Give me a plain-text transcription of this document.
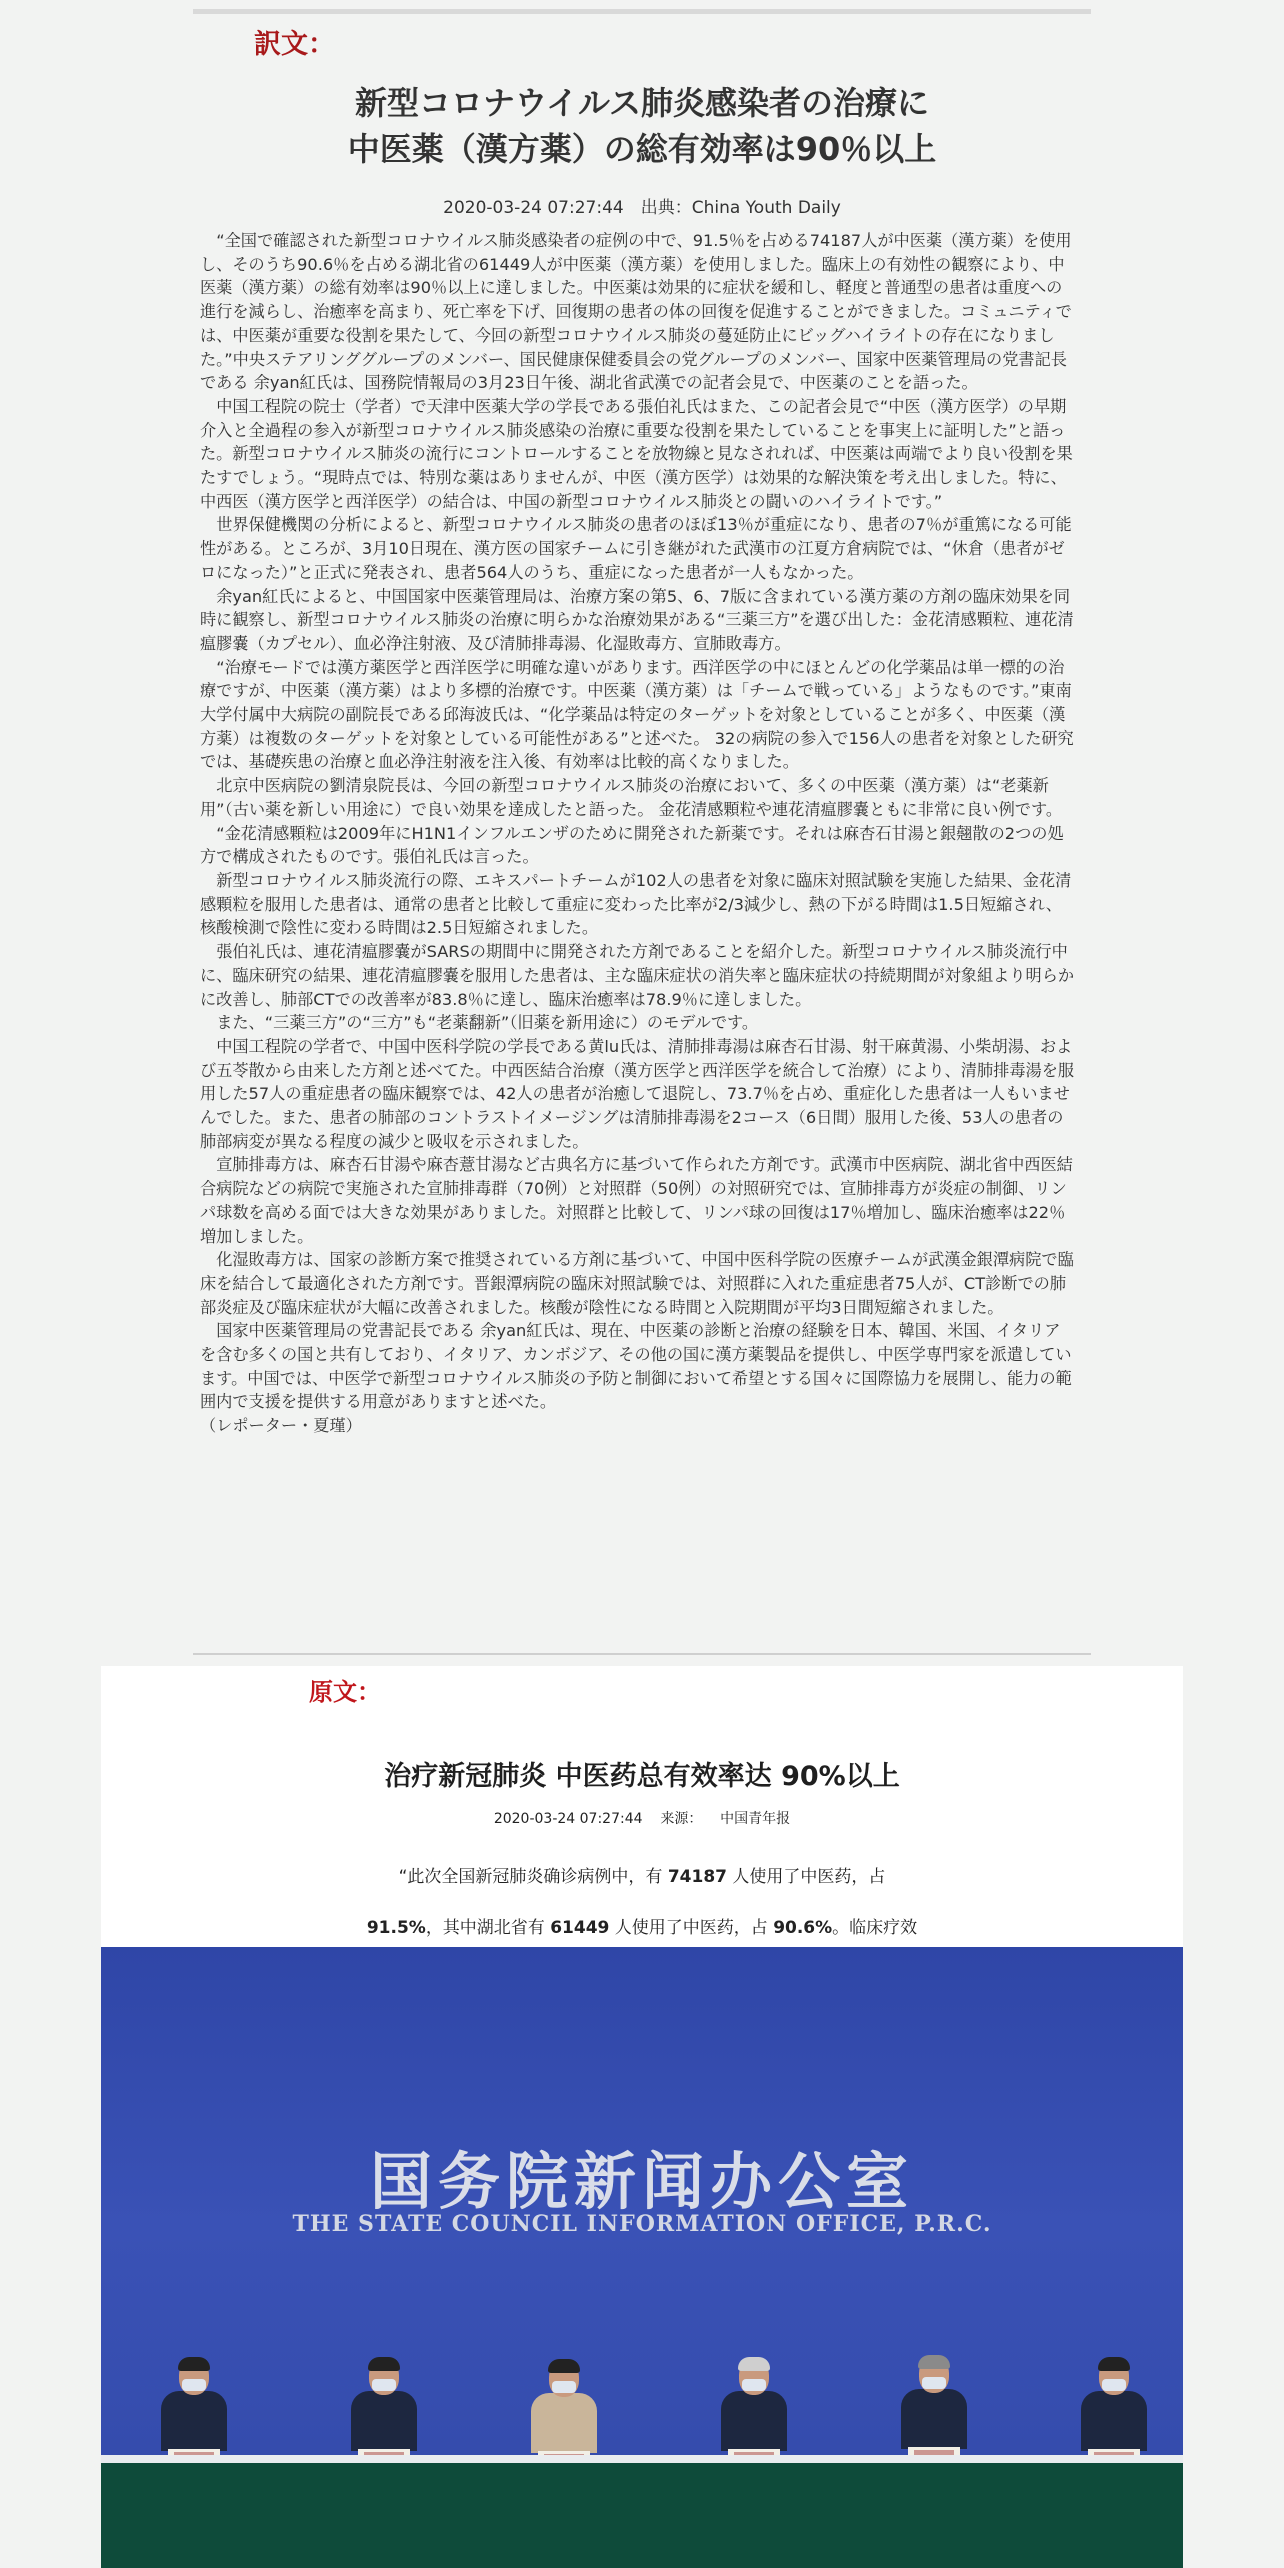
訳文：
新型コロナウイルス肺炎感染者の治療に
中医薬（漢方薬）の総有効率は90％以上
2020-03-24 07:27:44　出典：China Youth Daily

“全国で確認された新型コロナウイルス肺炎感染者の症例の中で、91.5％を占める74187人が中医薬（漢方薬）を使用し、そのうち90.6％を占める湖北省の61449人が中医薬（漢方薬）を使用しました。臨床上の有効性の観察により、中医薬（漢方薬）の総有効率は90％以上に達しました。中医薬は効果的に症状を緩和し、軽度と普通型の患者は重度への進行を減らし、治癒率を高まり、死亡率を下げ、回復期の患者の体の回復を促進することができました。コミュニティでは、中医薬が重要な役割を果たして、今回の新型コロナウイルス肺炎の蔓延防止にビッグハイライトの存在になりました。”中央ステアリンググループのメンバー、国民健康保健委員会の党グループのメンバー、国家中医薬管理局の党書記長である 余yan紅氏は、国務院情報局の3月23日午後、湖北省武漢での記者会見で、中医薬のことを語った。

中国工程院の院士（学者）で天津中医薬大学の学長である張伯礼氏はまた、この記者会見で“中医（漢方医学）の早期介入と全過程の参入が新型コロナウイルス肺炎感染の治療に重要な役割を果たしていることを事実上に証明した”と語った。新型コロナウイルス肺炎の流行にコントロールすることを放物線と見なされれば、中医薬は両端でより良い役割を果たすでしょう。“現時点では、特別な薬はありませんが、中医（漢方医学）は効果的な解決策を考え出しました。特に、中西医（漢方医学と西洋医学）の結合は、中国の新型コロナウイルス肺炎との闘いのハイライトです。”

世界保健機関の分析によると、新型コロナウイルス肺炎の患者のほぼ13％が重症になり、患者の7％が重篤になる可能性がある。ところが、3月10日現在、漢方医の国家チームに引き継がれた武漢市の江夏方倉病院では、“休倉（患者がゼロになった）”と正式に発表され、患者564人のうち、重症になった患者が一人もなかった。

余yan紅氏によると、中国国家中医薬管理局は、治療方案の第5、6、7版に含まれている漢方薬の方剤の臨床効果を同時に観察し、新型コロナウイルス肺炎の治療に明らかな治療効果がある“三薬三方”を選び出した：金花清感顆粒、連花清瘟膠嚢（カプセル）、血必浄注射液、及び清肺排毒湯、化湿敗毒方、宣肺敗毒方。

“治療モードでは漢方薬医学と西洋医学に明確な違いがあります。西洋医学の中にほとんどの化学薬品は単一標的の治療ですが、中医薬（漢方薬）はより多標的治療です。中医薬（漢方薬）は「チームで戦っている」ようなものです。”東南大学付属中大病院の副院長である邱海波氏は、“化学薬品は特定のターゲットを対象としていることが多く、中医薬（漢方薬）は複数のターゲットを対象としている可能性がある”と述べた。 32の病院の参入で156人の患者を対象とした研究では、基礎疾患の治療と血必浄注射液を注入後、有効率は比較的高くなりました。

北京中医病院の劉清泉院長は、今回の新型コロナウイルス肺炎の治療において、多くの中医薬（漢方薬）は“老薬新用”（古い薬を新しい用途に）で良い効果を達成したと語った。 金花清感顆粒や連花清瘟膠嚢ともに非常に良い例です。

“金花清感顆粒は2009年にH1N1インフルエンザのために開発された新薬です。それは麻杏石甘湯と銀翹散の2つの処方で構成されたものです。張伯礼氏は言った。

新型コロナウイルス肺炎流行の際、エキスパートチームが102人の患者を対象に臨床対照試験を実施した結果、金花清感顆粒を服用した患者は、通常の患者と比較して重症に変わった比率が2/3減少し、熱の下がる時間は1.5日短縮され、核酸検測で陰性に変わる時間は2.5日短縮されました。

張伯礼氏は、連花清瘟膠嚢がSARSの期間中に開発された方剤であることを紹介した。新型コロナウイルス肺炎流行中に、臨床研究の結果、連花清瘟膠嚢を服用した患者は、主な臨床症状の消失率と臨床症状の持続期間が対象組より明らかに改善し、肺部CTでの改善率が83.8％に達し、臨床治癒率は78.9％に達しました。

また、“三薬三方”の“三方”も“老薬翻新”（旧薬を新用途に）のモデルです。

中国工程院の学者で、中国中医科学院の学長である黄lu氏は、清肺排毒湯は麻杏石甘湯、射干麻黄湯、小柴胡湯、および五苓散から由来した方剤と述べてた。中西医結合治療（漢方医学と西洋医学を統合して治療）により、清肺排毒湯を服用した57人の重症患者の臨床観察では、42人の患者が治癒して退院し、73.7％を占め、重症化した患者は一人もいませんでした。また、患者の肺部のコントラストイメージングは清肺排毒湯を2コース（6日間）服用した後、53人の患者の肺部病変が異なる程度の減少と吸収を示されました。

宣肺排毒方は、麻杏石甘湯や麻杏薏甘湯など古典名方に基づいて作られた方剤です。武漢市中医病院、湖北省中西医結合病院などの病院で実施された宣肺排毒群（70例）と対照群（50例）の対照研究では、宣肺排毒方が炎症の制御、リンパ球数を高める面では大きな効果がありました。対照群と比較して、リンパ球の回復は17％増加し、臨床治癒率は22％増加しました。

化湿敗毒方は、国家の診断方案で推奨されている方剤に基づいて、中国中医科学院の医療チームが武漢金銀潭病院で臨床を結合して最適化された方剤です。晋銀潭病院の臨床対照試験では、対照群に入れた重症患者75人が、CT診断での肺部炎症及び臨床症状が大幅に改善されました。核酸が陰性になる時間と入院期間が平均3日間短縮されました。

国家中医薬管理局の党書記長である 余yan紅氏は、現在、中医薬の診断と治療の経験を日本、韓国、米国、イタリアを含む多くの国と共有しており、イタリア、カンボジア、その他の国に漢方薬製品を提供し、中医学専門家を派遣しています。中国では、中医学で新型コロナウイルス肺炎の予防と制御において希望とする国々に国際協力を展開し、能力の範囲内で支援を提供する用意がありますと述べた。

（レポーター・夏瑾）

原文：
治疗新冠肺炎 中医药总有效率达 90%以上
2020-03-24 07:27:44 来源： 中国青年报
“此次全国新冠肺炎确诊病例中，有 74187 人使用了中医药，占
91.5%，其中湖北省有 61449 人使用了中医药，占 90.6%。临床疗效
国务院新闻办公室
THE STATE COUNCIL INFORMATION OFFICE, P.R.C.
